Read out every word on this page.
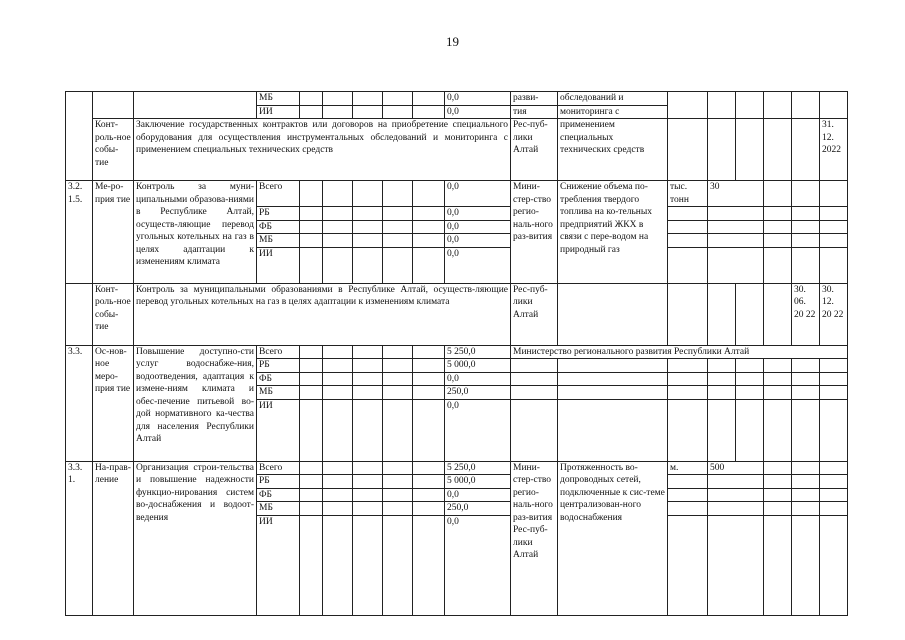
19
			МБ						0,0	разви-	обследований и						
			ИИ						0,0	тия	мониторинга с						
	Конт-роль-ное собы-тие	Заключение государственных контрактов или договоров на приобретение специального оборудования для осуществления инструментальных обследований и мониторинга с применением специальных технических средств								Рес-пуб-лики Алтай	применением специальных технических средств						31. 12. 2022
3.2. 1.5.	Ме-ро-прия тие	Контроль за муни-ципальными образова-ниями в Республике Алтай, осуществ-ляющие перевод угольных котельных на газ в целях адаптации к изменениям климата	Всего						0,0	Мини-стер-ство регио-наль-ного раз-вития	Снижение объема по-требления твердого топлива на ко-тельных предприятий ЖКХ в связи с пере-водом на природный газ	тыс. тонн	30				
			РБ						0,0								
			ФБ						0,0								
			МБ						0,0								
			ИИ						0,0								
	Конт-роль-ное собы-тие	Контроль за муниципальными образованиями в Республике Алтай, осуществ-ляющие перевод угольных котельных на газ в целях адаптации к изменениям климата								Рес-пуб-лики Алтай						30. 06. 20 22	30. 12. 20 22
3.3.	Ос-нов-ное меро-прия тие	Повышение доступно-сти услуг водоснабже-ния, водоотведения, адаптация к измене-ниям климата и обес-печение питьевой во-дой нормативного ка-чества для населения Республики Алтай	Всего						5 250,0	Министерство регионального развития Республики Алтай							
			РБ						5 000,0								
			ФБ						0,0								
			МБ						250,0								
			ИИ						0,0								
3.3. 1.	На-прав-ление	Организация строи-тельства и повышение надежности функцио-нирования систем во-доснабжения и водоот-ведения	Всего						5 250,0	Мини-стер-ство регио-наль-ного раз-вития Рес-пуб-лики Алтай	Протяженность во-допроводных сетей, подключенные к сис-теме централизован-ного водоснабжения	м.	500				
			РБ						5 000,0								
			ФБ						0,0								
			МБ						250,0								
			ИИ						0,0								
